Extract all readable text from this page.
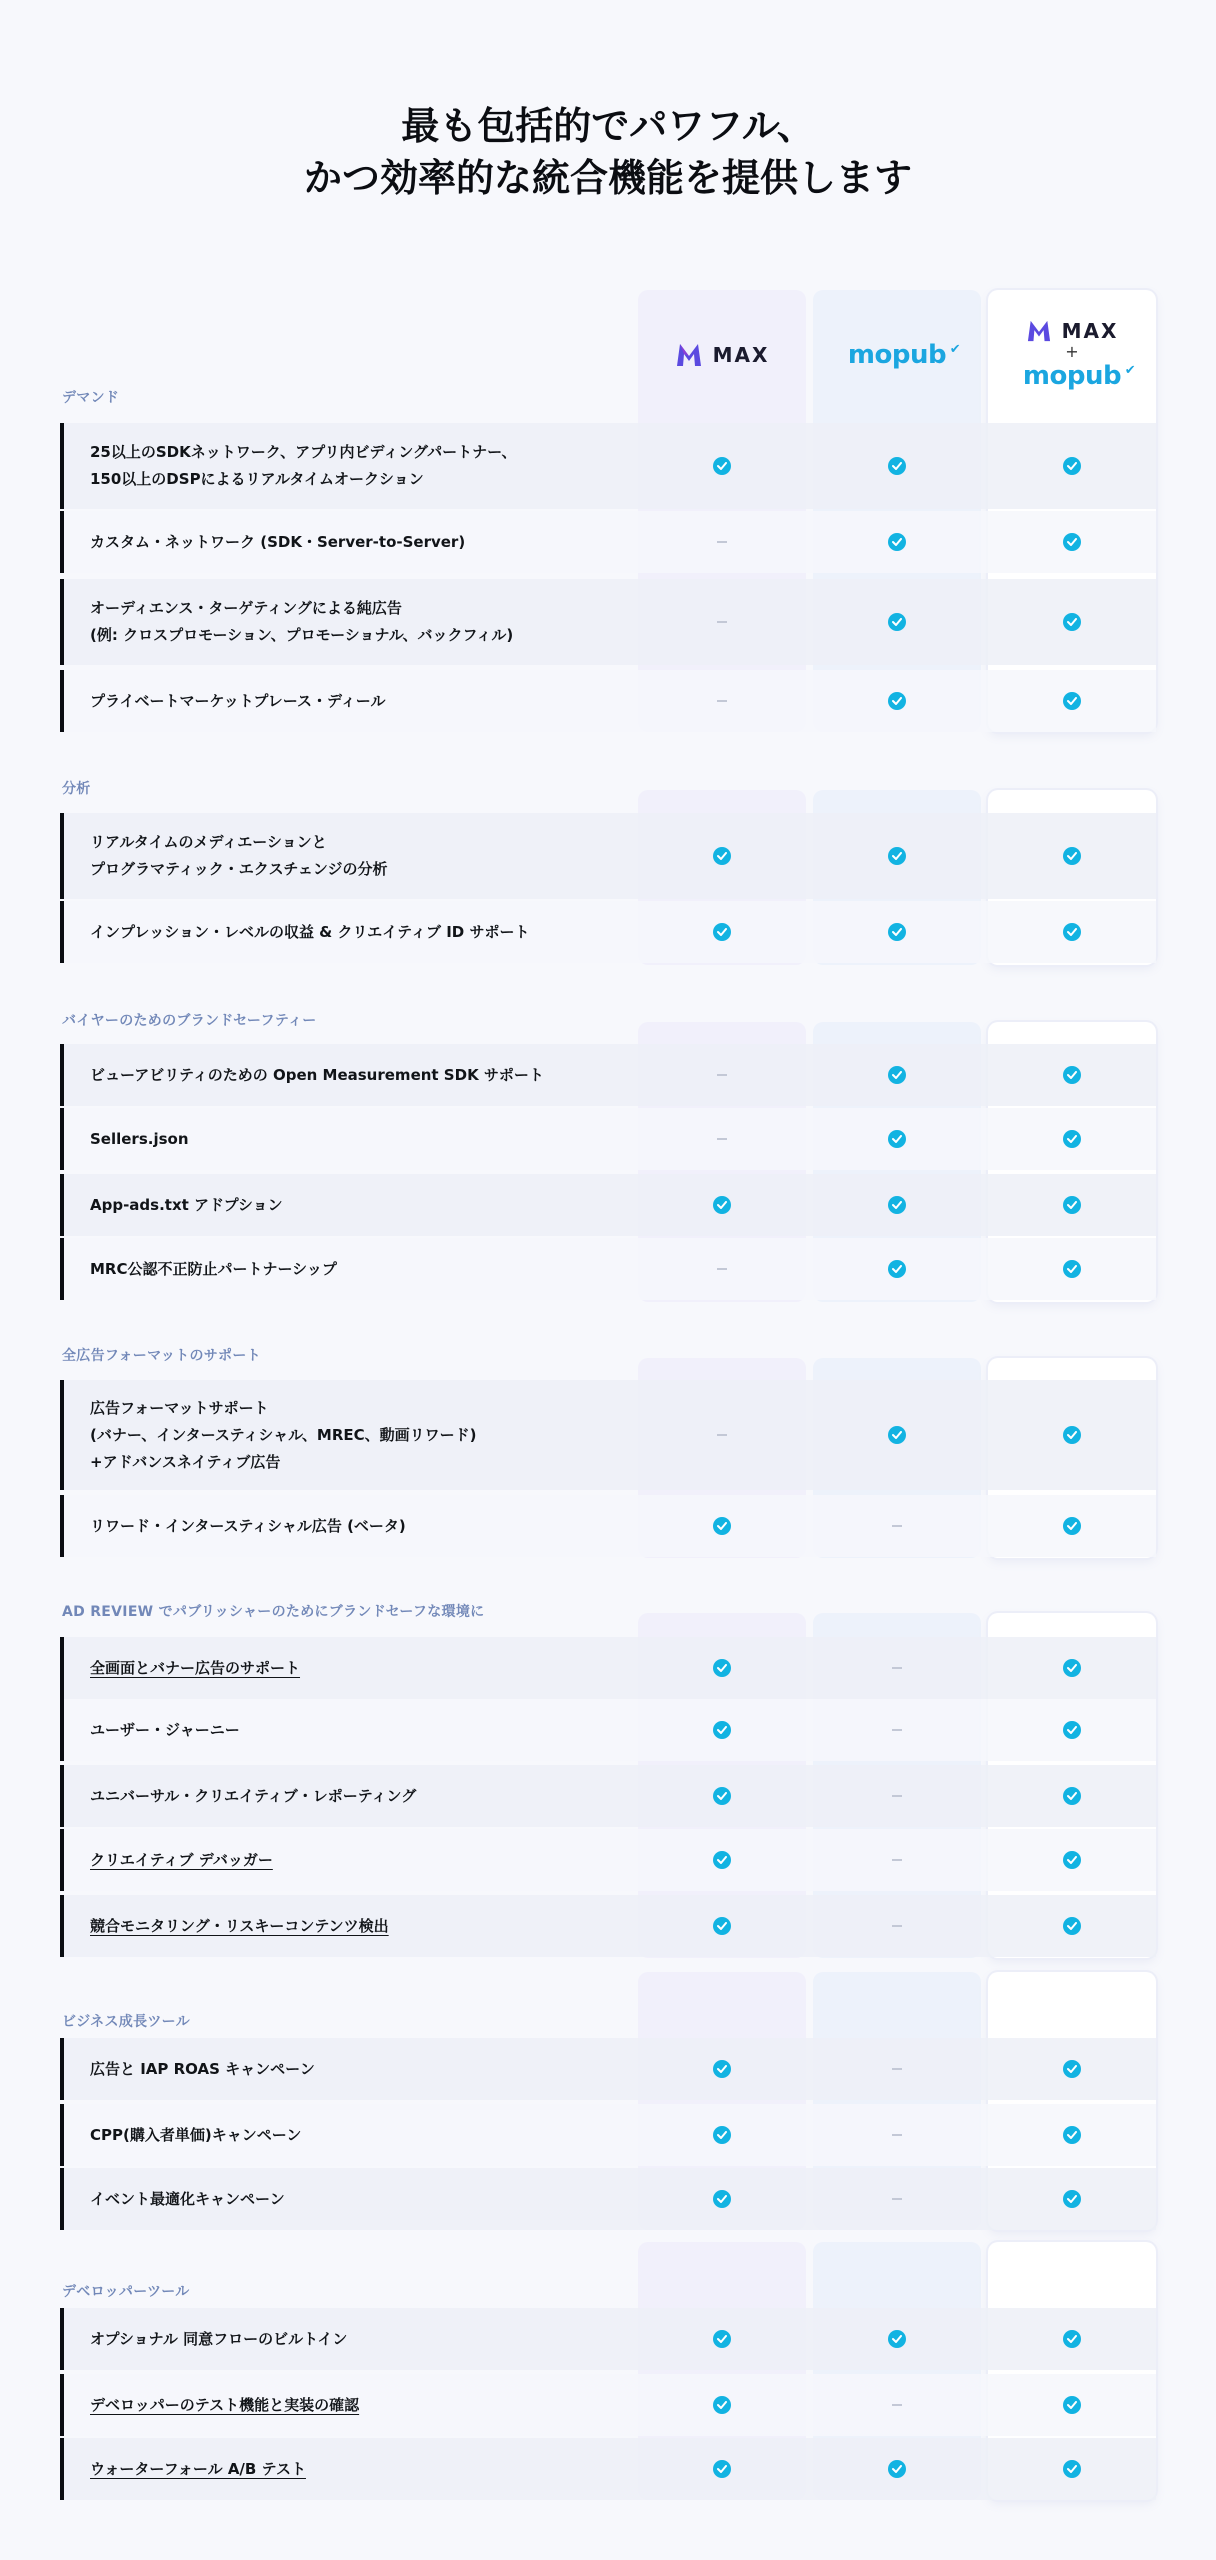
最も包括的でパワフル、
かつ効率的な統合機能を提供します
MAX	mopub ✔
MAX
+
mopub ✔
デマンド
25以上のSDKネットワーク、アプリ内ビディングパートナー、
150以上のDSPによるリアルタイムオークション
カスタム・ネットワーク (SDK・Server-to-Server)
オーディエンス・ターゲティングによる純広告
(例: クロスプロモーション、プロモーショナル、バックフィル)
プライベートマーケットプレース・ディール
分析
リアルタイムのメディエーションと
プログラマティック・エクスチェンジの分析
インプレッション・レベルの収益 & クリエイティブ ID サポート
バイヤーのためのブランドセーフティー
ビューアビリティのための Open Measurement SDK サポート
Sellers.json
App-ads.txt アドプション
MRC公認不正防止パートナーシップ
全広告フォーマットのサポート
広告フォーマットサポート
(バナー、インタースティシャル、MREC、動画リワード)
+アドバンスネイティブ広告
リワード・インタースティシャル広告 (ベータ)
AD REVIEW でパブリッシャーのためにブランドセーフな環境に
全画面とバナー広告のサポート
ユーザー・ジャーニー
ユニバーサル・クリエイティブ・レポーティング
クリエイティブ デバッガー
競合モニタリング・リスキーコンテンツ検出
ビジネス成長ツール
広告と IAP ROAS キャンペーン
CPP(購入者単価)キャンペーン
イベント最適化キャンペーン
デベロッパーツール
オプショナル 同意フローのビルトイン
デベロッパーのテスト機能と実装の確認
ウォーターフォール A/B テスト
